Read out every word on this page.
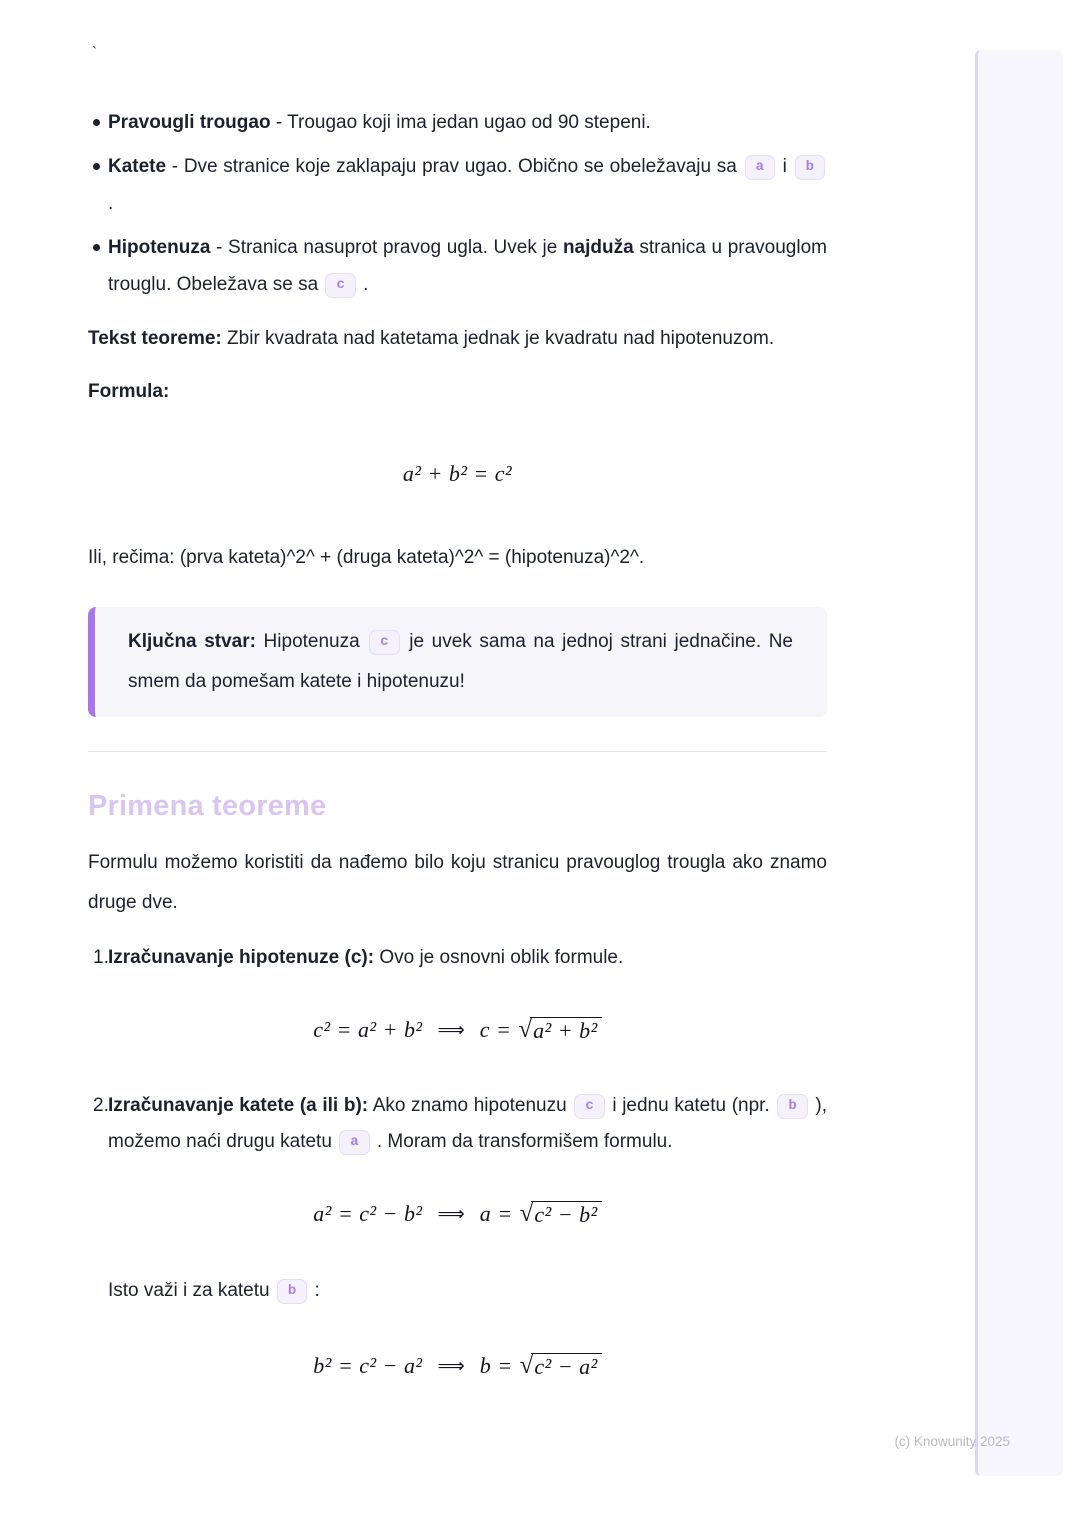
`
Pravougli trougao - Trougao koji ima jedan ugao od 90 stepeni.
Katete - Dve stranice koje zaklapaju prav ugao. Obično se obeležavaju sa a i b .
Hipotenuza - Stranica nasuprot pravog ugla. Uvek je najduža stranica u pravouglom trouglu. Obeležava se sa c .
Tekst teoreme: Zbir kvadrata nad katetama jednak je kvadratu nad hipotenuzom.
Formula:
a² + b² = c²
Ili, rečima: (prva kateta)^2^ + (druga kateta)^2^ = (hipotenuza)^2^.
Ključna stvar: Hipotenuza c je uvek sama na jednoj strani jednačine. Ne smem da pomešam katete i hipotenuzu!
Primena teoreme
Formulu možemo koristiti da nađemo bilo koju stranicu pravouglog trougla ako znamo druge dve.
1. Izračunavanje hipotenuze (c): Ovo je osnovni oblik formule.
c² = a² + b² ⟹ c = √ a² + b²
2. Izračunavanje katete (a ili b): Ako znamo hipotenuzu c i jednu katetu (npr. b ), možemo naći drugu katetu a . Moram da transformišem formulu.
a² = c² − b² ⟹ a = √ c² − b²
Isto važi i za katetu b :
b² = c² − a² ⟹ b = √ c² − a²
(c) Knowunity 2025
